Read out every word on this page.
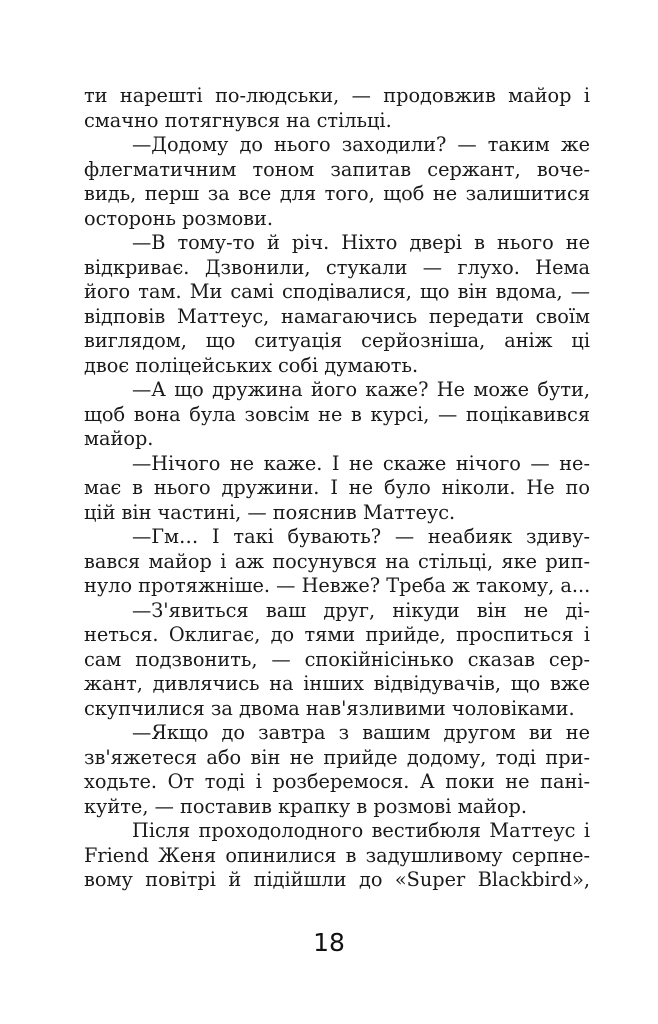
ти нарешті по-людськи, — продовжив майор і
смачно потягнувся на стільці.
—Додому до нього заходили? — таким же
флегматичним тоном запитав сержант, воче-
видь, перш за все для того, щоб не залишитися
осторонь розмови.
—В тому-то й річ. Ніхто двері в нього не
відкриває. Дзвонили, стукали — глухо. Нема
його там. Ми самі сподівалися, що він вдома, —
відповів Маттеус, намагаючись передати своїм
виглядом, що ситуація серйозніша, аніж ці
двоє поліцейських собі думають.
—А що дружина його каже? Не може бути,
щоб вона була зовсім не в курсі, — поцікавився
майор.
—Нічого не каже. І не скаже нічого — не-
має в нього дружини. І не було ніколи. Не по
цій він частині, — пояснив Маттеус.
—Гм… І такі бувають? — неабияк здиву-
вався майор і аж посунувся на стільці, яке рип-
нуло протяжніше. — Невже? Треба ж такому, а...
—З'явиться ваш друг, нікуди він не ді-
неться. Оклигає, до тями прийде, проспиться і
сам подзвонить, — спокійнісінько сказав сер-
жант, дивлячись на інших відвідувачів, що вже
скупчилися за двома нав'язливими чоловіками.
—Якщо до завтра з вашим другом ви не
зв'яжетеся або він не прийде додому, тоді при-
ходьте. От тоді і розберемося. А поки не пані-
куйте, — поставив крапку в розмові майор.
Після проходолодного вестибюля Маттеус і
Friend Женя опинилися в задушливому серпне-
вому повітрі й підійшли до «Super Blackbird»,
18
